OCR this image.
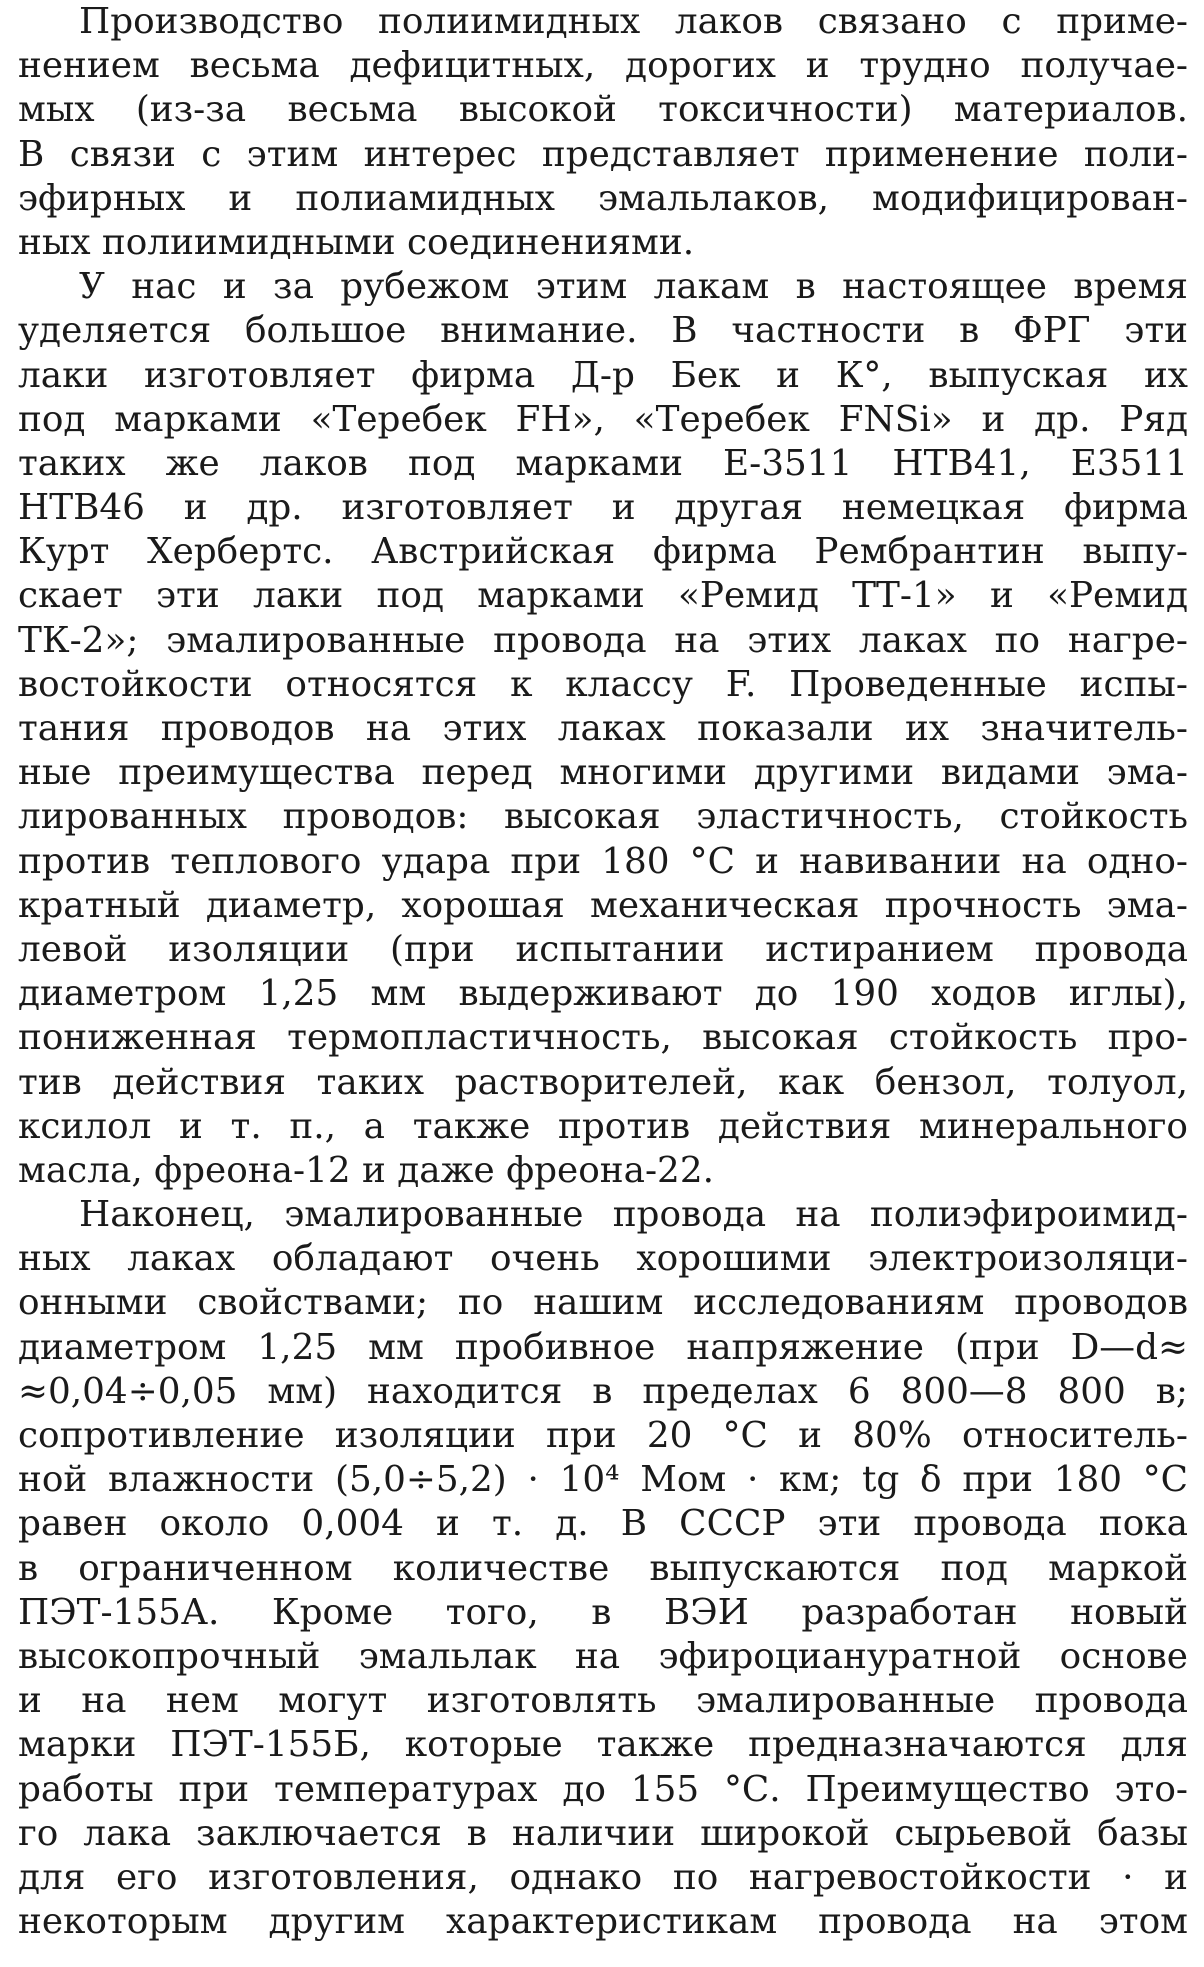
Производство полиимидных лаков связано с приме-
нением весьма дефицитных, дорогих и трудно получае-
мых (из-за весьма высокой токсичности) материалов.
В связи с этим интерес представляет применение поли-
эфирных и полиамидных эмальлаков, модифицирован-
ных полиимидными соединениями.
У нас и за рубежом этим лакам в настоящее время
уделяется большое внимание. В частности в ФРГ эти
лаки изготовляет фирма Д-р Бек и К°, выпуская их
под марками «Теребек FH», «Теребек FNSi» и др. Ряд
таких же лаков под марками Е-3511 НТВ41, Е3511
НТВ46 и др. изготовляет и другая немецкая фирма
Курт Хербертс. Австрийская фирма Рембрантин выпу-
скает эти лаки под марками «Ремид ТТ-1» и «Ремид
ТК-2»; эмалированные провода на этих лаках по нагре-
востойкости относятся к классу F. Проведенные испы-
тания проводов на этих лаках показали их значитель-
ные преимущества перед многими другими видами эма-
лированных проводов: высокая эластичность, стойкость
против теплового удара при 180 °С и навивании на одно-
кратный диаметр, хорошая механическая прочность эма-
левой изоляции (при испытании истиранием провода
диаметром 1,25 мм выдерживают до 190 ходов иглы),
пониженная термопластичность, высокая стойкость про-
тив действия таких растворителей, как бензол, толуол,
ксилол и т. п., а также против действия минерального
масла, фреона-12 и даже фреона-22.
Наконец, эмалированные провода на полиэфироимид-
ных лаках обладают очень хорошими электроизоляци-
онными свойствами; по нашим исследованиям проводов
диаметром 1,25 мм пробивное напряжение (при D—d≈
≈0,04÷0,05 мм) находится в пределах 6 800—8 800 в;
сопротивление изоляции при 20 °С и 80% относитель-
ной влажности (5,0÷5,2) · 10⁴ Мом · км; tg δ при 180 °С
равен около 0,004 и т. д. В СССР эти провода пока
в ограниченном количестве выпускаются под маркой
ПЭТ-155А. Кроме того, в ВЭИ разработан новый
высокопрочный эмальлак на эфироциануратной основе
и на нем могут изготовлять эмалированные провода
марки ПЭТ-155Б, которые также предназначаются для
работы при температурах до 155 °С. Преимущество это-
го лака заключается в наличии широкой сырьевой базы
для его изготовления, однако по нагревостойкости · и
некоторым другим характеристикам провода на этом
